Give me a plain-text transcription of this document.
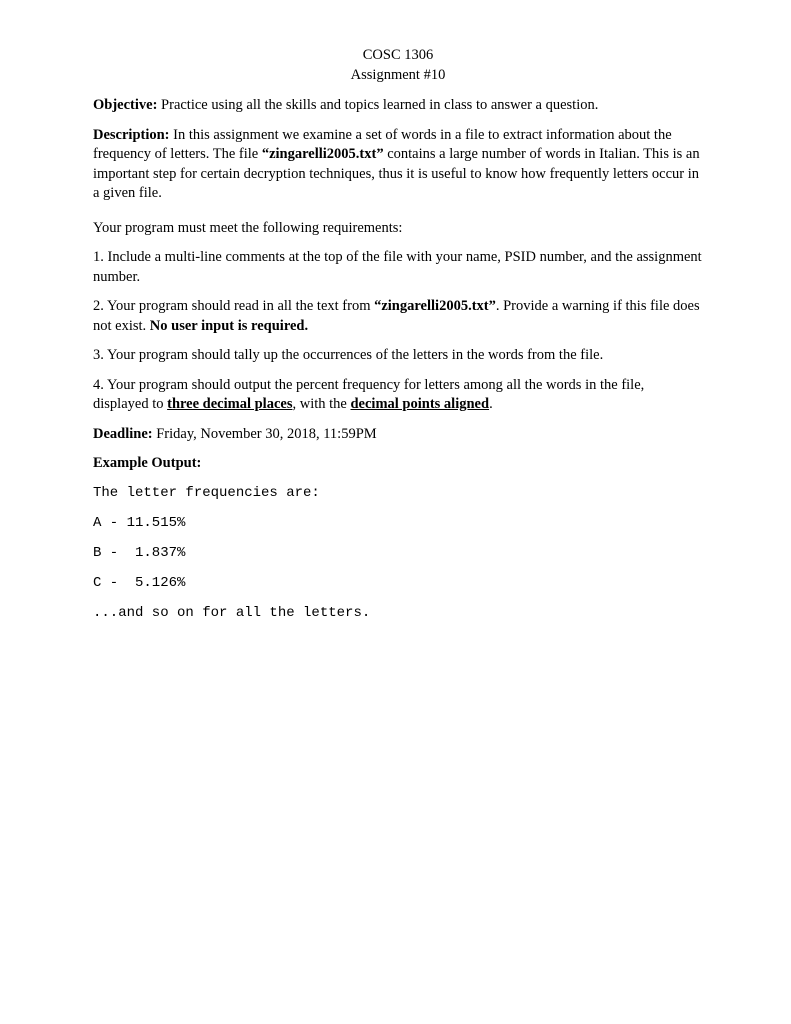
COSC 1306
Assignment #10

Objective: Practice using all the skills and topics learned in class to answer a question.

Description: In this assignment we examine a set of words in a file to extract information about the frequency of letters. The file “zingarelli2005.txt” contains a large number of words in Italian. This is an important step for certain decryption techniques, thus it is useful to know how frequently letters occur in a given file.

Your program must meet the following requirements:

1. Include a multi-line comments at the top of the file with your name, PSID number, and the assignment number.

2. Your program should read in all the text from “zingarelli2005.txt”. Provide a warning if this file does not exist. No user input is required.

3. Your program should tally up the occurrences of the letters in the words from the file.

4. Your program should output the percent frequency for letters among all the words in the file, displayed to three decimal places, with the decimal points aligned.

Deadline: Friday, November 30, 2018, 11:59PM

Example Output:

The letter frequencies are:
A - 11.515%
B -  1.837%
C -  5.126%
...and so on for all the letters.
